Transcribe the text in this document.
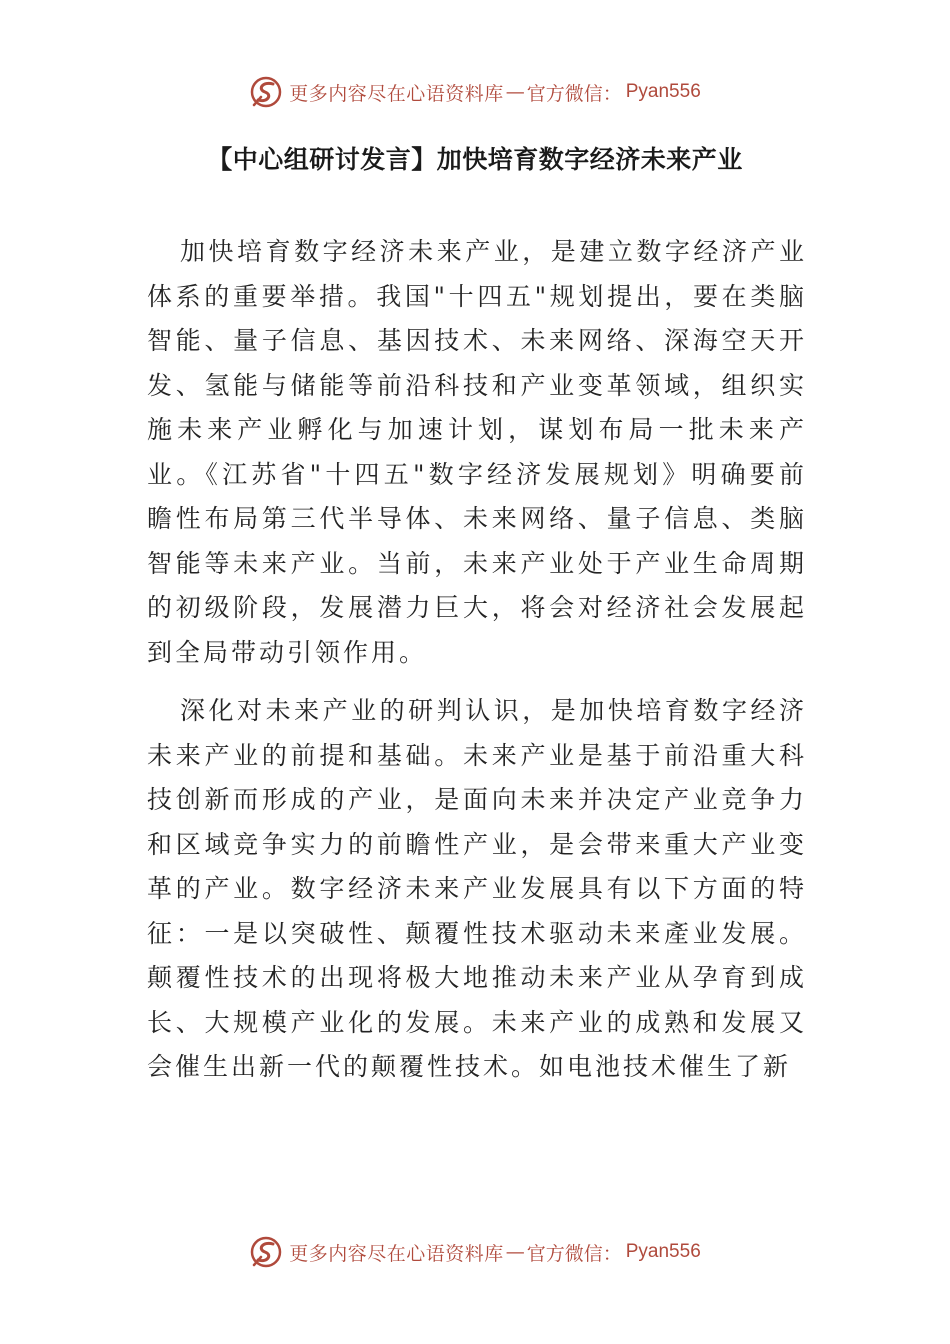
更多内容尽在心语资料库 — 官方微信： Pyan556
【中心组研讨发言】加快培育数字经济未来产业

加快培育数字经济未来产业，是建立数字经济产业体系的重要举措。我国"十四五"规划提出，要在类脑智能、量子信息、基因技术、未来网络、深海空天开发、氢能与储能等前沿科技和产业变革领域，组织实施未来产业孵化与加速计划，谋划布局一批未来产业。《江苏省"十四五"数字经济发展规划》明确要前瞻性布局第三代半导体、未来网络、量子信息、类脑智能等未来产业。当前，未来产业处于产业生命周期的初级阶段，发展潜力巨大，将会对经济社会发展起到全局带动引领作用。

深化对未来产业的研判认识，是加快培育数字经济未来产业的前提和基础。未来产业是基于前沿重大科技创新而形成的产业，是面向未来并决定产业竞争力和区域竞争实力的前瞻性产业，是会带来重大产业变革的产业。数字经济未来产业发展具有以下方面的特征：一是以突破性、颠覆性技术驱动未来產业发展。颠覆性技术的出现将极大地推动未来产业从孕育到成长、大规模产业化的发展。未来产业的成熟和发展又会催生出新一代的颠覆性技术。如电池技术催生了新

更多内容尽在心语资料库 — 官方微信： Pyan556
